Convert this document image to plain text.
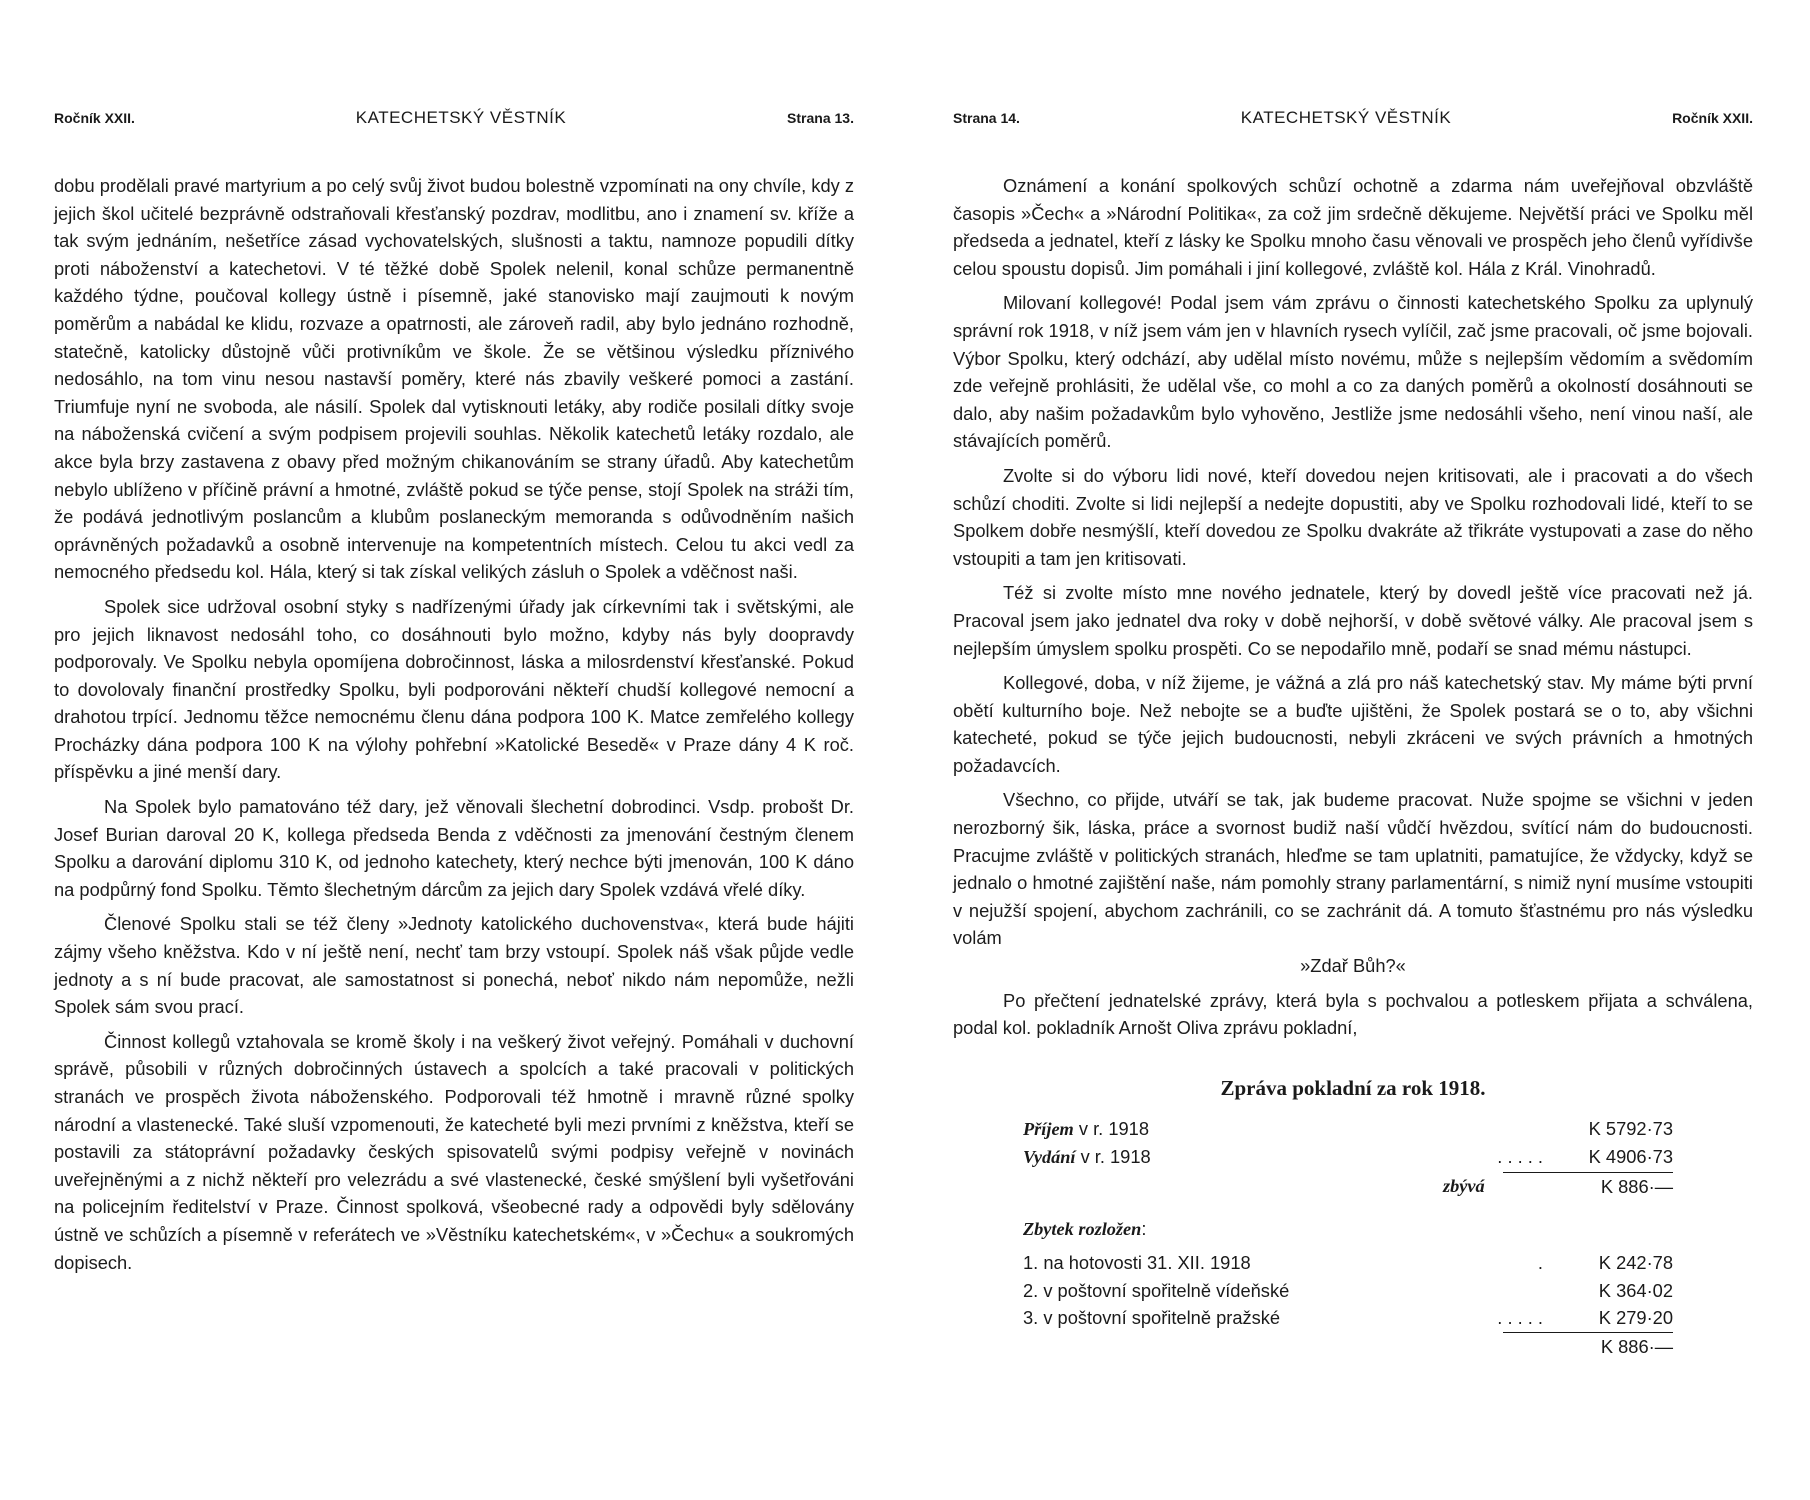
Ročník XXII.	KATECHETSKÝ VĚSTNÍK	Strana 13.

dobu prodělali pravé martyrium a po celý svůj život budou bolestně vzpomínati na ony chvíle, kdy z jejich škol učitelé bezprávně odstraňovali křesťanský pozdrav, modlitbu, ano i znamení sv. kříže a tak svým jednáním, nešetříce zásad vychovatelských, slušnosti a taktu, namnoze popudili dítky proti náboženství a katechetovi. V té těžké době Spolek nelenil, konal schůze permanentně každého týdne, poučoval kollegy ústně i písemně, jaké stanovisko mají zaujmouti k novým poměrům a nabádal ke klidu, rozvaze a opatrnosti, ale zároveň radil, aby bylo jednáno rozhodně, statečně, katolicky důstojně vůči protivníkům ve škole. Že se většinou výsledku příznivého nedosáhlo, na tom vinu nesou nastavší poměry, které nás zbavily veškeré pomoci a zastání. Triumfuje nyní ne svoboda, ale násilí. Spolek dal vytisknouti letáky, aby rodiče posilali dítky svoje na náboženská cvičení a svým podpisem projevili souhlas. Několik katechetů letáky rozdalo, ale akce byla brzy zastavena z obavy před možným chikanováním se strany úřadů. Aby katechetům nebylo ublíženo v příčině právní a hmotné, zvláště pokud se týče pense, stojí Spolek na stráži tím, že podává jednotlivým poslancům a klubům poslaneckým memoranda s odůvodněním našich oprávněných požadavků a osobně intervenuje na kompetentních místech. Celou tu akci vedl za nemocného předsedu kol. Hála, který si tak získal velikých zásluh o Spolek a vděčnost naši.

Spolek sice udržoval osobní styky s nadřízenými úřady jak církevními tak i světskými, ale pro jejich liknavost nedosáhl toho, co dosáhnouti bylo možno, kdyby nás byly doopravdy podporovaly. Ve Spolku nebyla opomíjena dobročinnost, láska a milosrdenství křesťanské. Pokud to dovolovaly finanční prostředky Spolku, byli podporováni někteří chudší kollegové nemocní a drahotou trpící. Jednomu těžce nemocnému členu dána podpora 100 K. Matce zemřelého kollegy Procházky dána podpora 100 K na výlohy pohřební »Katolické Besedě« v Praze dány 4 K roč. příspěvku a jiné menší dary.

Na Spolek bylo pamatováno též dary, jež věnovali šlechetní dobrodinci. Vsdp. probošt Dr. Josef Burian daroval 20 K, kollega předseda Benda z vděčnosti za jmenování čestným členem Spolku a darování diplomu 310 K, od jednoho katechety, který nechce býti jmenován, 100 K dáno na podpůrný fond Spolku. Těmto šlechetným dárcům za jejich dary Spolek vzdává vřelé díky.

Členové Spolku stali se též členy »Jednoty katolického duchovenstva«, která bude hájiti zájmy všeho kněžstva. Kdo v ní ještě není, nechť tam brzy vstoupí. Spolek náš však půjde vedle jednoty a s ní bude pracovat, ale samostatnost si ponechá, neboť nikdo nám nepomůže, nežli Spolek sám svou prací.

Činnost kollegů vztahovala se kromě školy i na veškerý život veřejný. Pomáhali v duchovní správě, působili v různých dobročinných ústavech a spolcích a také pracovali v politických stranách ve prospěch života náboženského. Podporovali též hmotně i mravně různé spolky národní a vlastenecké. Také sluší vzpomenouti, že katecheté byli mezi prvními z kněžstva, kteří se postavili za státoprávní požadavky českých spisovatelů svými podpisy veřejně v novinách uveřejněnými a z nichž někteří pro velezrádu a své vlastenecké, české smýšlení byli vyšetřováni na policejním ředitelství v Praze. Činnost spolková, všeobecné rady a odpovědi byly sdělovány ústně ve schůzích a písemně v referátech ve »Věstníku katechetském«, v »Čechu« a soukromých dopisech.

Strana 14.	KATECHETSKÝ VĚSTNÍK	Ročník XXII.

Oznámení a konání spolkových schůzí ochotně a zdarma nám uveřejňoval obzvláště časopis »Čech« a »Národní Politika«, za což jim srdečně děkujeme. Největší práci ve Spolku měl předseda a jednatel, kteří z lásky ke Spolku mnoho času věnovali ve prospěch jeho členů vyřídivše celou spoustu dopisů. Jim pomáhali i jiní kollegové, zvláště kol. Hála z Král. Vinohradů.

Milovaní kollegové! Podal jsem vám zprávu o činnosti katechetského Spolku za uplynulý správní rok 1918, v níž jsem vám jen v hlavních rysech vylíčil, zač jsme pracovali, oč jsme bojovali. Výbor Spolku, který odchází, aby udělal místo novému, může s nejlepším vědomím a svědomím zde veřejně prohlásiti, že udělal vše, co mohl a co za daných poměrů a okolností dosáhnouti se dalo, aby našim požadavkům bylo vyhověno, Jestliže jsme nedosáhli všeho, není vinou naší, ale stávajících poměrů.

Zvolte si do výboru lidi nové, kteří dovedou nejen kritisovati, ale i pracovati a do všech schůzí choditi. Zvolte si lidi nejlepší a nedejte dopustiti, aby ve Spolku rozhodovali lidé, kteří to se Spolkem dobře nesmýšlí, kteří dovedou ze Spolku dvakráte až třikráte vystupovati a zase do něho vstoupiti a tam jen kritisovati.

Též si zvolte místo mne nového jednatele, který by dovedl ještě více pracovati než já. Pracoval jsem jako jednatel dva roky v době nejhorší, v době světové války. Ale pracoval jsem s nejlepším úmyslem spolku prospěti. Co se nepodařilo mně, podaří se snad mému nástupci.

Kollegové, doba, v níž žijeme, je vážná a zlá pro náš katechetský stav. My máme býti první obětí kulturního boje. Než nebojte se a buďte ujištěni, že Spolek postará se o to, aby všichni katecheté, pokud se týče jejich budoucnosti, nebyli zkráceni ve svých právních a hmotných požadavcích.

Všechno, co přijde, utváří se tak, jak budeme pracovat. Nuže spojme se všichni v jeden nerozborný šik, láska, práce a svornost budiž naší vůdčí hvězdou, svítící nám do budoucnosti. Pracujme zvláště v politických stranách, hleďme se tam uplatniti, pamatujíce, že vždycky, když se jednalo o hmotné zajištění naše, nám pomohly strany parlamentární, s nimiž nyní musíme vstoupiti v nejužší spojení, abychom zachránili, co se zachránit dá. A tomuto šťastnému pro nás výsledku volám

»Zdař Bůh?«

Po přečtení jednatelské zprávy, která byla s pochvalou a potleskem přijata a schválena, podal kol. pokladník Arnošt Oliva zprávu pokladní,

Zpráva pokladní za rok 1918.
Příjem v r. 1918	K 5792·73
Vydání v r. 1918	. . . . .	K 4906·73
zbývá	K 886·—
Zbytek rozložen:
1. na hotovosti 31. XII. 1918	.	K 242·78
2. v poštovní spořitelně vídeňské	K 364·02
3. v poštovní spořitelně pražské	. . . . .	K 279·20
K 886·—
